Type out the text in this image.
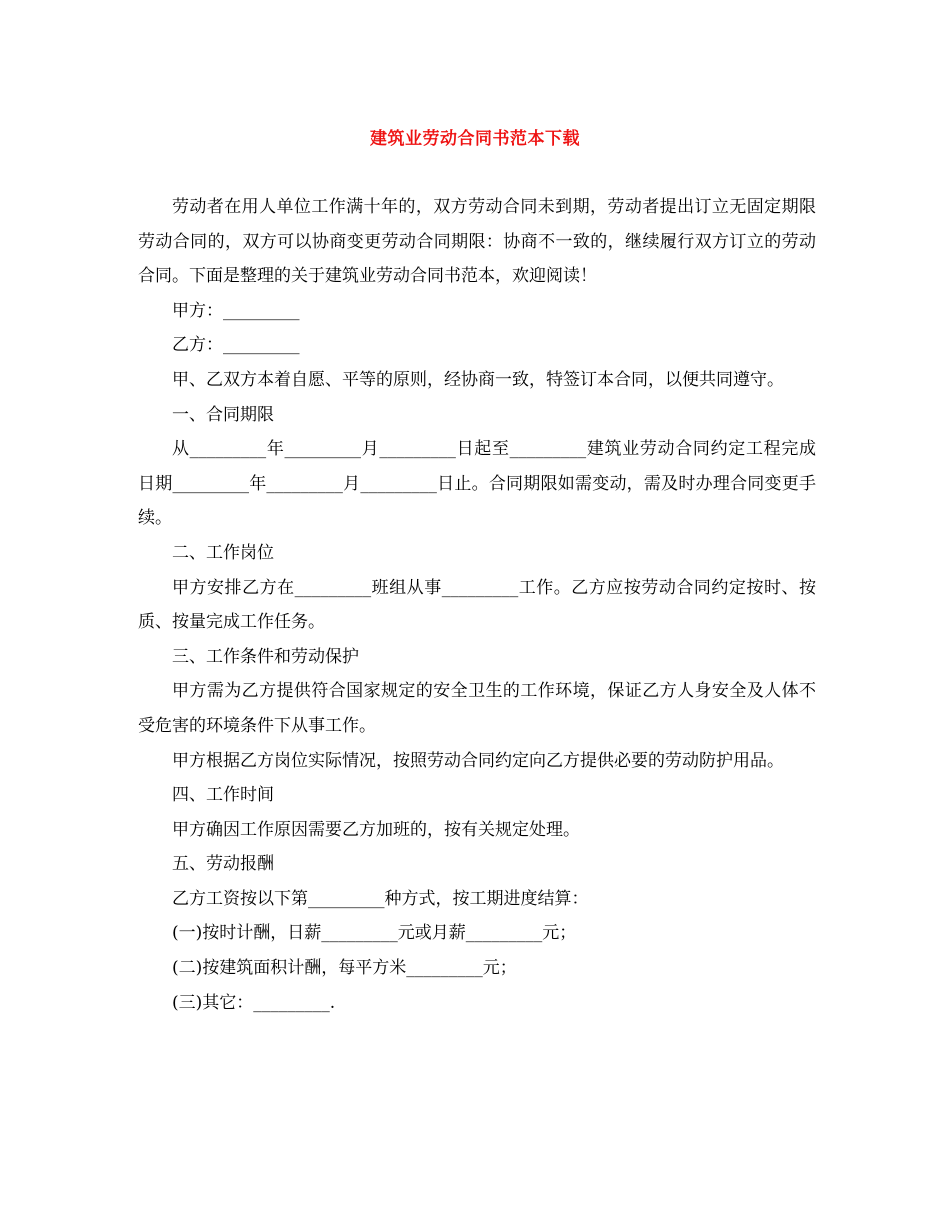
建筑业劳动合同书范本下载

劳动者在用人单位工作满十年的，双方劳动合同未到期，劳动者提出订立无固定期限劳动合同的，双方可以协商变更劳动合同期限：协商不一致的，继续履行双方订立的劳动合同。下面是整理的关于建筑业劳动合同书范本，欢迎阅读！

甲方：_________

乙方：_________

甲、乙双方本着自愿、平等的原则，经协商一致，特签订本合同，以便共同遵守。

一、合同期限

从_________年_________月_________日起至_________建筑业劳动合同约定工程完成日期_________年_________月_________日止。合同期限如需变动，需及时办理合同变更手续。

二、工作岗位

甲方安排乙方在_________班组从事_________工作。乙方应按劳动合同约定按时、按质、按量完成工作任务。

三、工作条件和劳动保护

甲方需为乙方提供符合国家规定的安全卫生的工作环境，保证乙方人身安全及人体不受危害的环境条件下从事工作。

甲方根据乙方岗位实际情况，按照劳动合同约定向乙方提供必要的劳动防护用品。

四、工作时间

甲方确因工作原因需要乙方加班的，按有关规定处理。

五、劳动报酬

乙方工资按以下第_________种方式，按工期进度结算：

(一)按时计酬，日薪_________元或月薪_________元；

(二)按建筑面积计酬，每平方米_________元；

(三)其它：_________.
